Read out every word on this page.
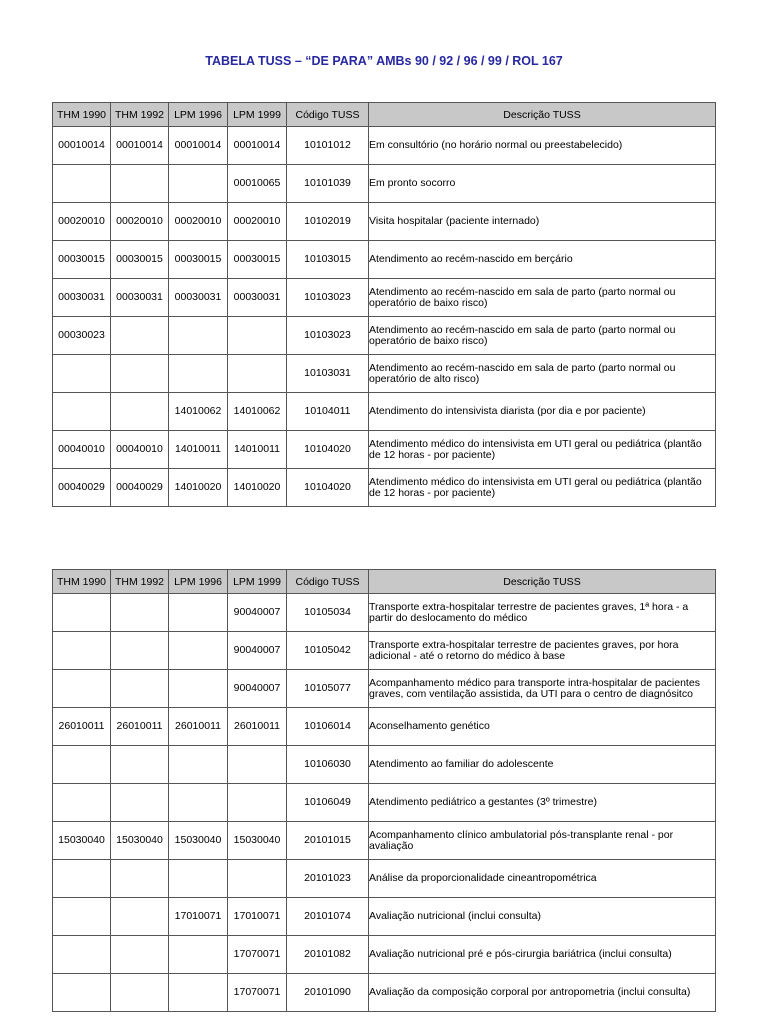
TABELA TUSS – “DE PARA” AMBs 90 / 92 / 96 / 99 / ROL 167
THM 1990	THM 1992	LPM 1996	LPM 1999	Código TUSS	Descrição TUSS
00010014	00010014	00010014	00010014	10101012	Em consultório (no horário normal ou preestabelecido)
			00010065	10101039	Em pronto socorro
00020010	00020010	00020010	00020010	10102019	Visita hospitalar (paciente internado)
00030015	00030015	00030015	00030015	10103015	Atendimento ao recém-nascido em berçário
00030031	00030031	00030031	00030031	10103023	Atendimento ao recém-nascido em sala de parto (parto normal ou operatório de baixo risco)
00030023				10103023	Atendimento ao recém-nascido em sala de parto (parto normal ou operatório de baixo risco)
				10103031	Atendimento ao recém-nascido em sala de parto (parto normal ou operatório de alto risco)
		14010062	14010062	10104011	Atendimento do intensivista diarista (por dia e por paciente)
00040010	00040010	14010011	14010011	10104020	Atendimento médico do intensivista em UTI geral ou pediátrica (plantão de 12 horas - por paciente)
00040029	00040029	14010020	14010020	10104020	Atendimento médico do intensivista em UTI geral ou pediátrica (plantão de 12 horas - por paciente)
THM 1990	THM 1992	LPM 1996	LPM 1999	Código TUSS	Descrição TUSS
			90040007	10105034	Transporte extra-hospitalar terrestre de pacientes graves, 1ª hora - a partir do deslocamento do médico
			90040007	10105042	Transporte extra-hospitalar terrestre de pacientes graves, por hora adicional - até o retorno do médico à base
			90040007	10105077	Acompanhamento médico para transporte intra-hospitalar de pacientes graves, com ventilação assistida, da UTI para o centro de diagnósitco
26010011	26010011	26010011	26010011	10106014	Aconselhamento genético
				10106030	Atendimento ao familiar do adolescente
				10106049	Atendimento pediátrico a gestantes (3º trimestre)
15030040	15030040	15030040	15030040	20101015	Acompanhamento clínico ambulatorial pós-transplante renal - por avaliação
				20101023	Análise da proporcionalidade cineantropométrica
		17010071	17010071	20101074	Avaliação nutricional (inclui consulta)
			17070071	20101082	Avaliação nutricional pré e pós-cirurgia bariátrica (inclui consulta)
			17070071	20101090	Avaliação da composição corporal por antropometria (inclui consulta)
